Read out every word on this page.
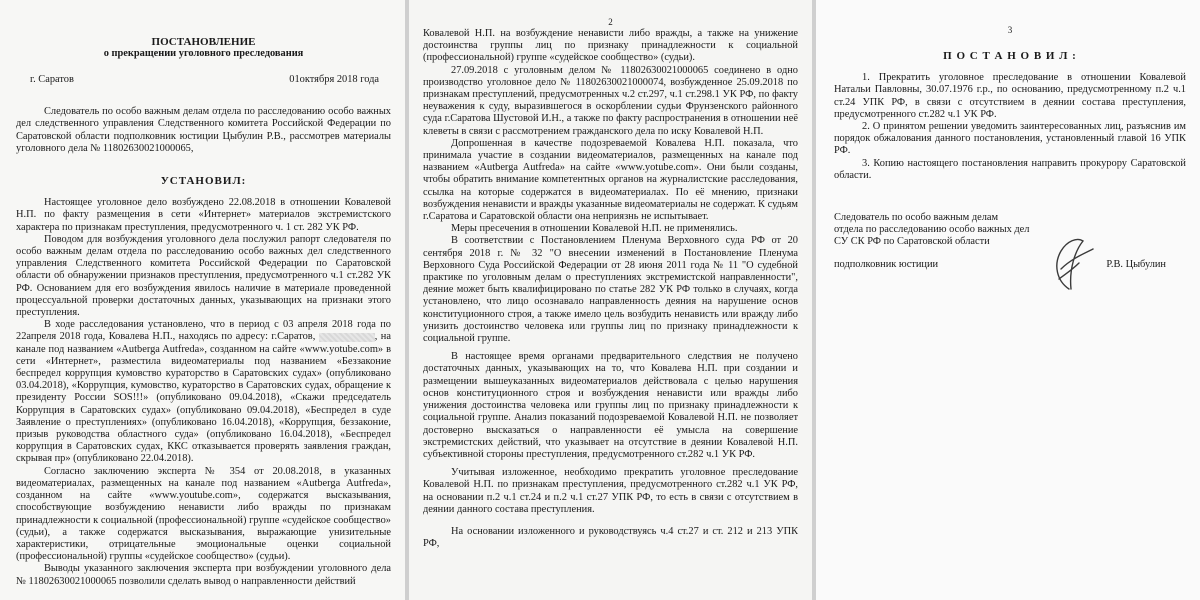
ПОСТАНОВЛЕНИЕ

о прекращении уголовного преследования

г. Саратов	01октября 2018 года

Следователь по особо важным делам отдела по расследованию особо важных дел следственного управления Следственного комитета Российской Федерации по Саратовской области подполковник юстиции Цыбулин Р.В., рассмотрев материалы уголовного дела № 11802630021000065,

УСТАНОВИЛ:

Настоящее уголовное дело возбуждено 22.08.2018 в отношении Ковалевой Н.П. по факту размещения в сети «Интернет» материалов экстремистского характера по признакам преступления, предусмотренного ч. 1 ст. 282 УК РФ.

Поводом для возбуждения уголовного дела послужил рапорт следователя по особо важным делам отдела по расследованию особо важных дел следственного управления Следственного комитета Российской Федерации по Саратовской области об обнаружении признаков преступления, предусмотренного ч.1 ст.282 УК РФ. Основанием для его возбуждения явилось наличие в материале проведенной процессуальной проверки достаточных данных, указывающих на признаки этого преступления.

В ходе расследования установлено, что в период с 03 апреля 2018 года по 22апреля 2018 года, Ковалева Н.П., находясь по адресу: г.Саратов,	, на канале под названием «Autberga Autfreda», созданном на сайте «www.yotube.com» в сети «Интернет», разместила видеоматериалы под названием «Беззаконие беспредел коррупция кумовство кураторство в Саратовских судах» (опубликовано 03.04.2018), «Коррупция, кумовство, кураторство в Саратовских судах, обращение к президенту России SOS!!!» (опубликовано 09.04.2018), «Скажи председатель Коррупция в Саратовских судах» (опубликовано 09.04.2018), «Беспредел в суде Заявление о преступлениях» (опубликовано 16.04.2018), «Коррупция, беззаконие, призыв руководства областного суда» (опубликовано 16.04.2018), «Беспредел коррупция в Саратовских судах, ККС отказывается проверять заявления граждан, скрывая пр» (опубликовано 22.04.2018).

Согласно заключению эксперта № 354 от 20.08.2018, в указанных видеоматериалах, размещенных на канале под названием «Autberga Autfreda», созданном на сайте «www.youtube.com», содержатся высказывания, способствующие возбуждению ненависти либо вражды по признакам принадлежности к социальной (профессиональной) группе «судейское сообщество» (судьи), а также содержатся высказывания, выражающие унизительные характеристики, отрицательные эмоциональные оценки социальной (профессиональной) группы «судейское сообщество» (судьи).

Выводы указанного заключения эксперта при возбуждении уголовного дела № 11802630021000065 позволили сделать вывод о направленности действий

2

Ковалевой Н.П. на возбуждение ненависти либо вражды, а также на унижение достоинства группы лиц по признаку принадлежности к социальной (профессиональной) группе «судейское сообщество» (судьи).

27.09.2018 с уголовным делом № 11802630021000065 соединено в одно производство уголовное дело № 11802630021000074, возбужденное 25.09.2018 по признакам преступлений, предусмотренных ч.2 ст.297, ч.1 ст.298.1 УК РФ, по факту неуважения к суду, выразившегося в оскорблении судьи Фрунзенского районного суда г.Саратова Шустовой И.Н., а также по факту распространения в отношении неё клеветы в связи с рассмотрением гражданского дела по иску Ковалевой Н.П.

Допрошенная в качестве подозреваемой Ковалева Н.П. показала, что принимала участие в создании видеоматериалов, размещенных на канале под названием «Autberga Autfreda» на сайте «www.yotube.com». Они были созданы, чтобы обратить внимание компетентных органов на журналистские расследования, ссылка на которые содержатся в видеоматериалах. По её мнению, признаки возбуждения ненависти и вражды указанные видеоматериалы не содержат. К судьям г.Саратова и Саратовской области она неприязнь не испытывает.

Меры пресечения в отношении Ковалевой Н.П. не применялись.

В соответствии с Постановлением Пленума Верховного суда РФ от 20 сентября 2018 г. № 32 "О внесении изменений в Постановление Пленума Верховного Суда Российской Федерации от 28 июня 2011 года № 11 "О судебной практике по уголовным делам о преступлениях экстремистской направленности", деяние может быть квалифицировано по статье 282 УК РФ только в случаях, когда установлено, что лицо осознавало направленность деяния на нарушение основ конституционного строя, а также имело цель возбудить ненависть или вражду либо унизить достоинство человека или группы лиц по признаку принадлежности к социальной группе.

В настоящее время органами предварительного следствия не получено достаточных данных, указывающих на то, что Ковалева Н.П. при создании и размещении вышеуказанных видеоматериалов действовала с целью нарушения основ конституционного строя и возбуждения ненависти или вражды либо унижения достоинства человека или группы лиц по признаку принадлежности к социальной группе. Анализ показаний подозреваемой Ковалевой Н.П. не позволяет достоверно высказаться о направленности её умысла на совершение экстремистских действий, что указывает на отсутствие в деянии Ковалевой Н.П. субъективной стороны преступления, предусмотренного ст.282 ч.1 УК РФ.

Учитывая изложенное, необходимо прекратить уголовное преследование Ковалевой Н.П. по признакам преступления, предусмотренного ст.282 ч.1 УК РФ, на основании п.2 ч.1 ст.24 и п.2 ч.1 ст.27 УПК РФ, то есть в связи с отсутствием в деянии данного состава преступления.

На основании изложенного и руководствуясь ч.4 ст.27 и ст. 212 и 213 УПК РФ,

3

П О С Т А Н О В И Л :

1. Прекратить уголовное преследование в отношении Ковалевой Натальи Павловны, 30.07.1976 г.р., по основанию, предусмотренному п.2 ч.1 ст.24 УПК РФ, в связи с отсутствием в деянии состава преступления, предусмотренного ст.282 ч.1 УК РФ.

2. О принятом решении уведомить заинтересованных лиц, разъяснив им порядок обжалования данного постановления, установленный главой 16 УПК РФ.

3. Копию настоящего постановления направить прокурору Саратовской области.

Следователь по особо важным делам

отдела по расследованию особо важных дел

СУ СК РФ по Саратовской области

подполковник юстиции	Р.В. Цыбулин
